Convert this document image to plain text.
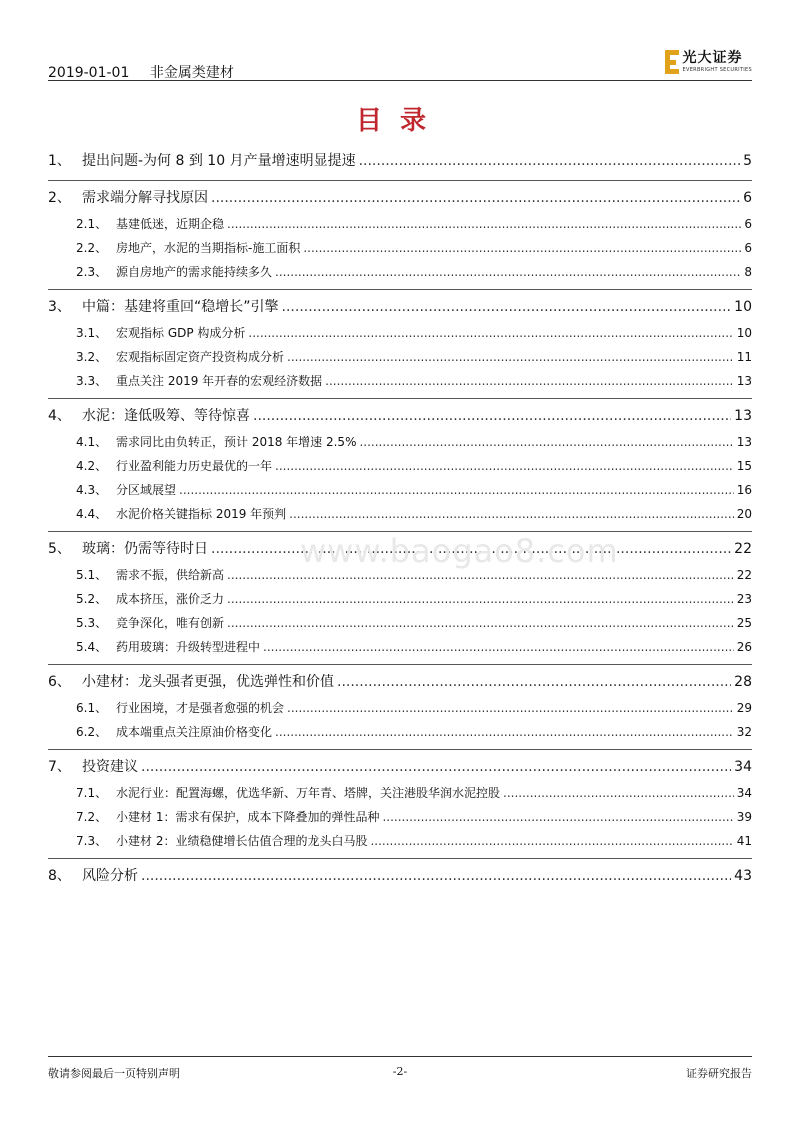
2019-01-01 非金属类建材
光大证券
EVERBRIGHT SECURITIES
目录
1、 提出问题-为何 8 到 10 月产量增速明显提速 .....	5
2、 需求端分解寻找原因 .....	6
2.1、 基建低迷，近期企稳 .....	6
2.2、 房地产，水泥的当期指标-施工面积 .....	6
2.3、 源自房地产的需求能持续多久 .....	8
3、 中篇：基建将重回“稳增长”引擎 .....	10
3.1、 宏观指标 GDP 构成分析 .....	10
3.2、 宏观指标固定资产投资构成分析 .....	11
3.3、 重点关注 2019 年开春的宏观经济数据 .....	13
4、 水泥：逢低吸筹、等待惊喜 .....	13
4.1、 需求同比由负转正，预计 2018 年增速 2.5% .....	13
4.2、 行业盈利能力历史最优的一年 .....	15
4.3、 分区域展望 .....	16
4.4、 水泥价格关键指标 2019 年预判 .....	20
5、 玻璃：仍需等待时日 .....	22
5.1、 需求不振，供给新高 .....	22
5.2、 成本挤压，涨价乏力 .....	23
5.3、 竞争深化，唯有创新 .....	25
5.4、 药用玻璃：升级转型进程中 .....	26
6、 小建材：龙头强者更强，优选弹性和价值 .....	28
6.1、 行业困境，才是强者愈强的机会 .....	29
6.2、 成本端重点关注原油价格变化 .....	32
7、 投资建议 .....	34
7.1、 水泥行业：配置海螺，优选华新、万年青、塔牌，关注港股华润水泥控股 .....	34
7.2、 小建材 1：需求有保护，成本下降叠加的弹性品种 .....	39
7.3、 小建材 2：业绩稳健增长估值合理的龙头白马股 .....	41
8、 风险分析 .....	43
www.baogao8.com
敬请参阅最后一页特别声明	-2-	证券研究报告
